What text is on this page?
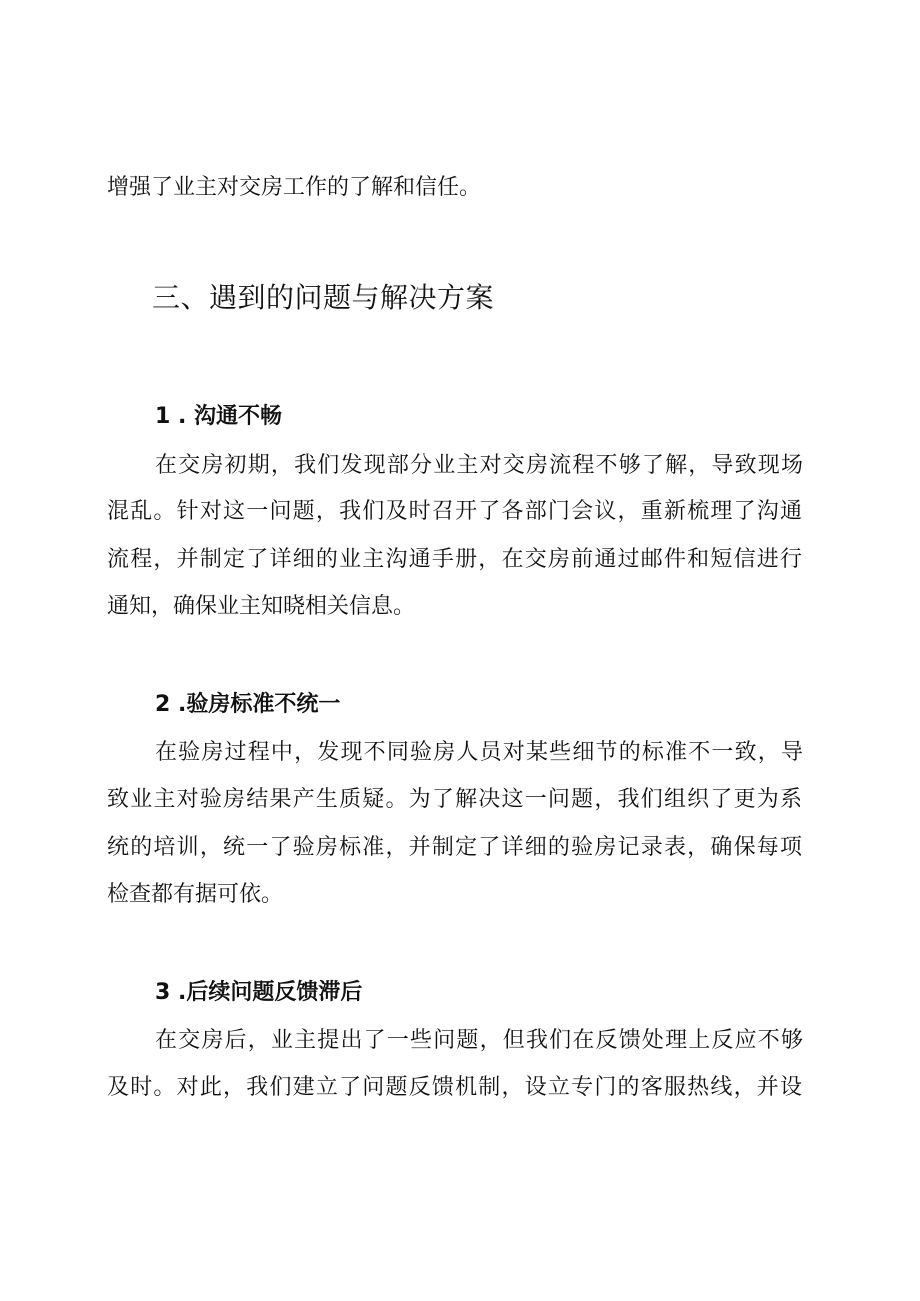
增强了业主对交房工作的了解和信任。
三、遇到的问题与解决方案
1 . 沟通不畅
在交房初期，我们发现部分业主对交房流程不够了解，导致现场
混乱。针对这一问题，我们及时召开了各部门会议，重新梳理了沟通
流程，并制定了详细的业主沟通手册，在交房前通过邮件和短信进行
通知，确保业主知晓相关信息。
2 .验房标准不统一
在验房过程中，发现不同验房人员对某些细节的标准不一致，导
致业主对验房结果产生质疑。为了解决这一问题，我们组织了更为系
统的培训，统一了验房标准，并制定了详细的验房记录表，确保每项
检查都有据可依。
3 .后续问题反馈滞后
在交房后，业主提出了一些问题，但我们在反馈处理上反应不够
及时。对此，我们建立了问题反馈机制，设立专门的客服热线，并设
